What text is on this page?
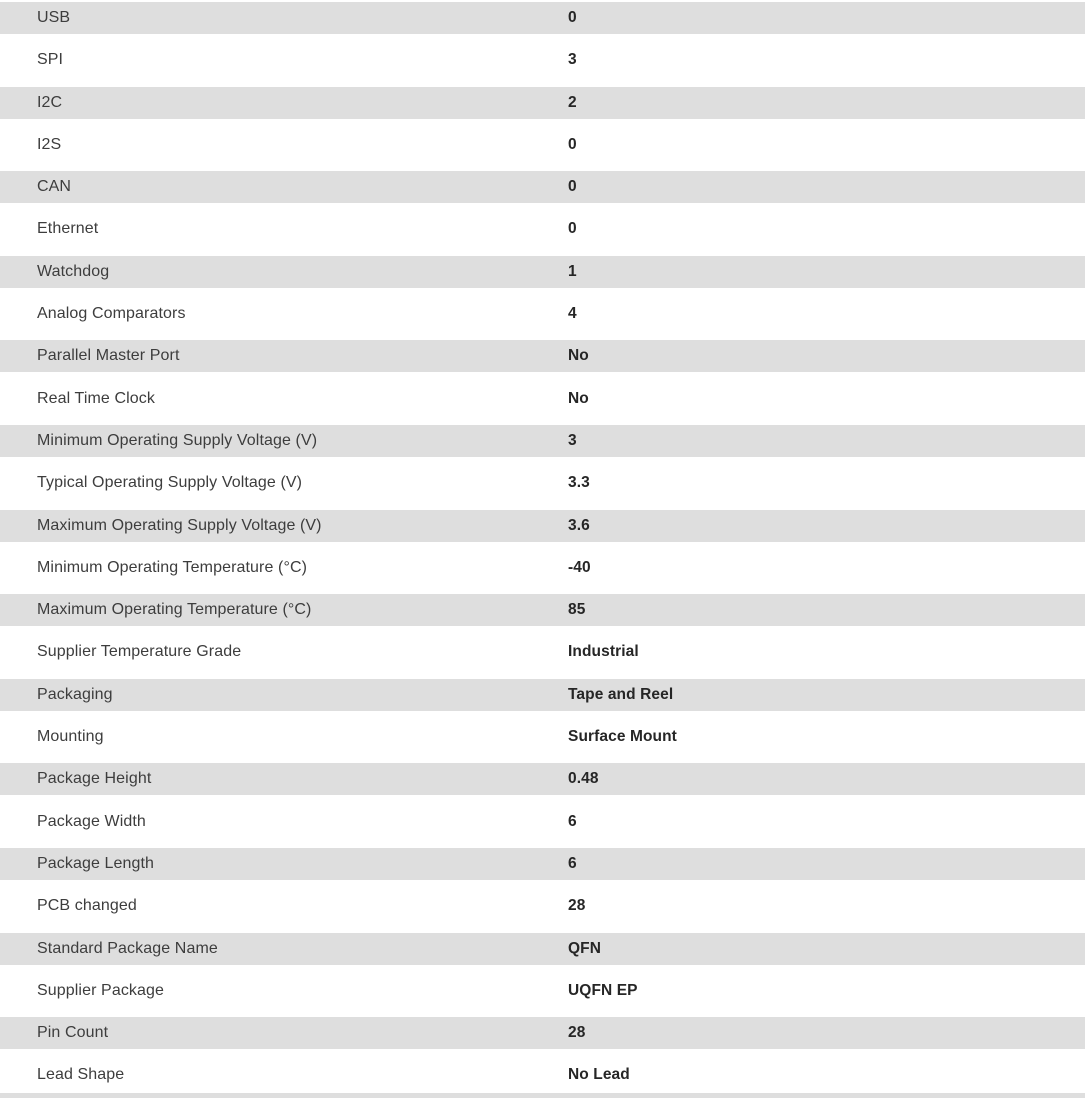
USB	0
SPI	3
I2C	2
I2S	0
CAN	0
Ethernet	0
Watchdog	1
Analog Comparators	4
Parallel Master Port	No
Real Time Clock	No
Minimum Operating Supply Voltage (V)	3
Typical Operating Supply Voltage (V)	3.3
Maximum Operating Supply Voltage (V)	3.6
Minimum Operating Temperature (°C)	-40
Maximum Operating Temperature (°C)	85
Supplier Temperature Grade	Industrial
Packaging	Tape and Reel
Mounting	Surface Mount
Package Height	0.48
Package Width	6
Package Length	6
PCB changed	28
Standard Package Name	QFN
Supplier Package	UQFN EP
Pin Count	28
Lead Shape	No Lead
